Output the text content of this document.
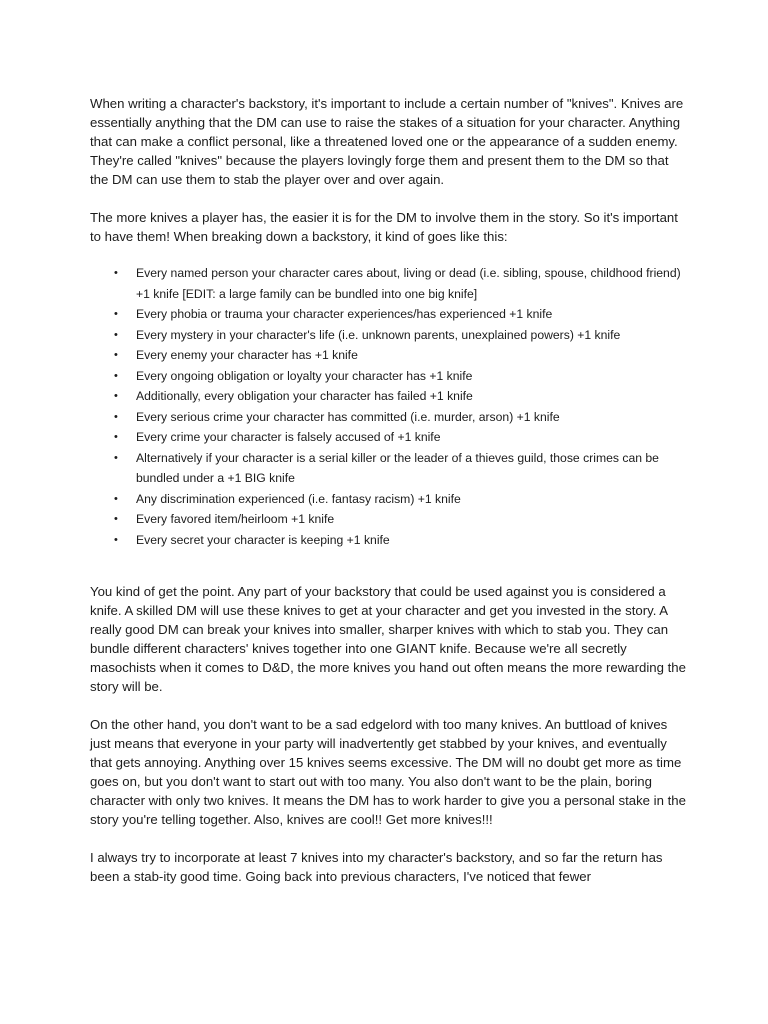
When writing a character's backstory, it's important to include a certain number of "knives". Knives are essentially anything that the DM can use to raise the stakes of a situation for your character. Anything that can make a conflict personal, like a threatened loved one or the appearance of a sudden enemy. They're called "knives" because the players lovingly forge them and present them to the DM so that the DM can use them to stab the player over and over again.

The more knives a player has, the easier it is for the DM to involve them in the story. So it's important to have them! When breaking down a backstory, it kind of goes like this:

• Every named person your character cares about, living or dead (i.e. sibling, spouse, childhood friend) +1 knife [EDIT: a large family can be bundled into one big knife]
• Every phobia or trauma your character experiences/has experienced +1 knife
• Every mystery in your character's life (i.e. unknown parents, unexplained powers) +1 knife
• Every enemy your character has +1 knife
• Every ongoing obligation or loyalty your character has +1 knife
• Additionally, every obligation your character has failed +1 knife
• Every serious crime your character has committed (i.e. murder, arson) +1 knife
• Every crime your character is falsely accused of +1 knife
• Alternatively if your character is a serial killer or the leader of a thieves guild, those crimes can be bundled under a +1 BIG knife
• Any discrimination experienced (i.e. fantasy racism) +1 knife
• Every favored item/heirloom +1 knife
• Every secret your character is keeping +1 knife

You kind of get the point. Any part of your backstory that could be used against you is considered a knife. A skilled DM will use these knives to get at your character and get you invested in the story. A really good DM can break your knives into smaller, sharper knives with which to stab you. They can bundle different characters' knives together into one GIANT knife. Because we're all secretly masochists when it comes to D&D, the more knives you hand out often means the more rewarding the story will be.

On the other hand, you don't want to be a sad edgelord with too many knives. An buttload of knives just means that everyone in your party will inadvertently get stabbed by your knives, and eventually that gets annoying. Anything over 15 knives seems excessive. The DM will no doubt get more as time goes on, but you don't want to start out with too many. You also don't want to be the plain, boring character with only two knives. It means the DM has to work harder to give you a personal stake in the story you're telling together. Also, knives are cool!! Get more knives!!!

I always try to incorporate at least 7 knives into my character's backstory, and so far the return has been a stab-ity good time. Going back into previous characters, I've noticed that fewer
